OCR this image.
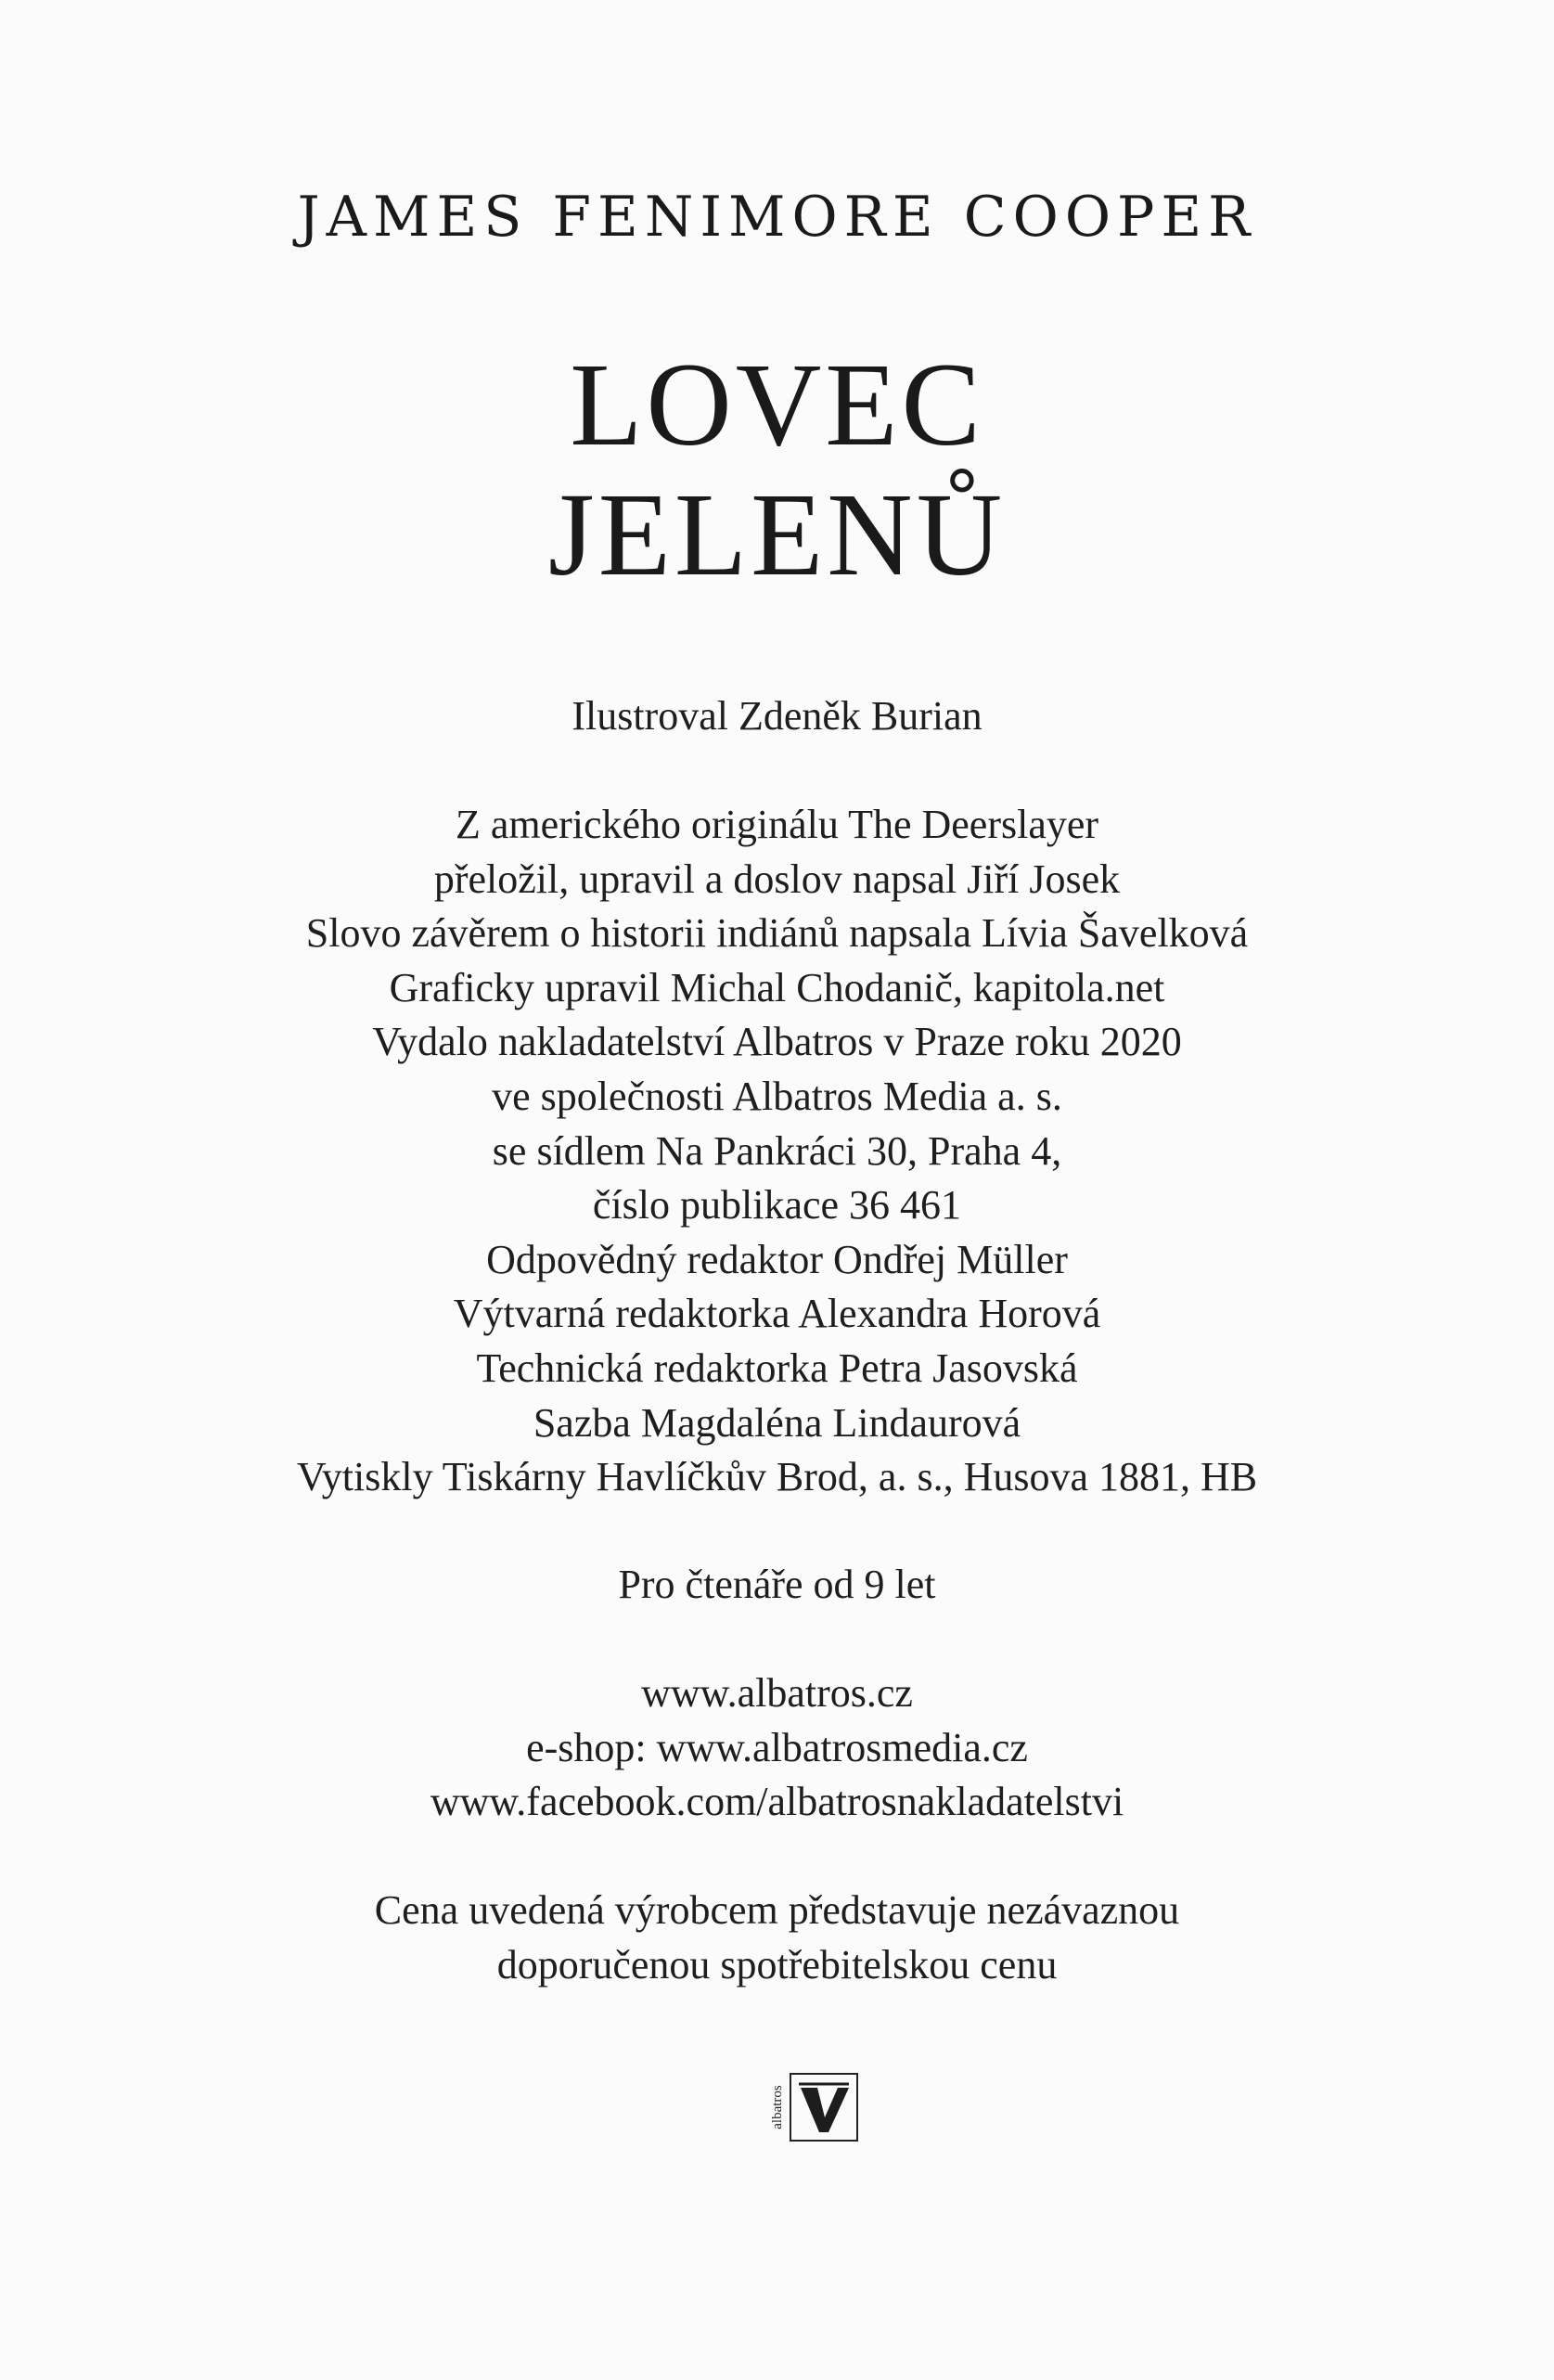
JAMES FENIMORE COOPER
LOVEC
JELENŮ
Ilustroval Zdeněk Burian
Z amerického originálu The Deerslayer
přeložil, upravil a doslov napsal Jiří Josek
Slovo závěrem o historii indiánů napsala Lívia Šavelková
Graficky upravil Michal Chodanič, kapitola.net
Vydalo nakladatelství Albatros v Praze roku 2020
ve společnosti Albatros Media a. s.
se sídlem Na Pankráci 30, Praha 4,
číslo publikace 36 461
Odpovědný redaktor Ondřej Müller
Výtvarná redaktorka Alexandra Horová
Technická redaktorka Petra Jasovská
Sazba Magdaléna Lindaurová
Vytiskly Tiskárny Havlíčkův Brod, a. s., Husova 1881, HB
Pro čtenáře od 9 let
www.albatros.cz
e-shop: www.albatrosmedia.cz
www.facebook.com/albatrosnakladatelstvi
Cena uvedená výrobcem představuje nezávaznou
doporučenou spotřebitelskou cenu
albatros
